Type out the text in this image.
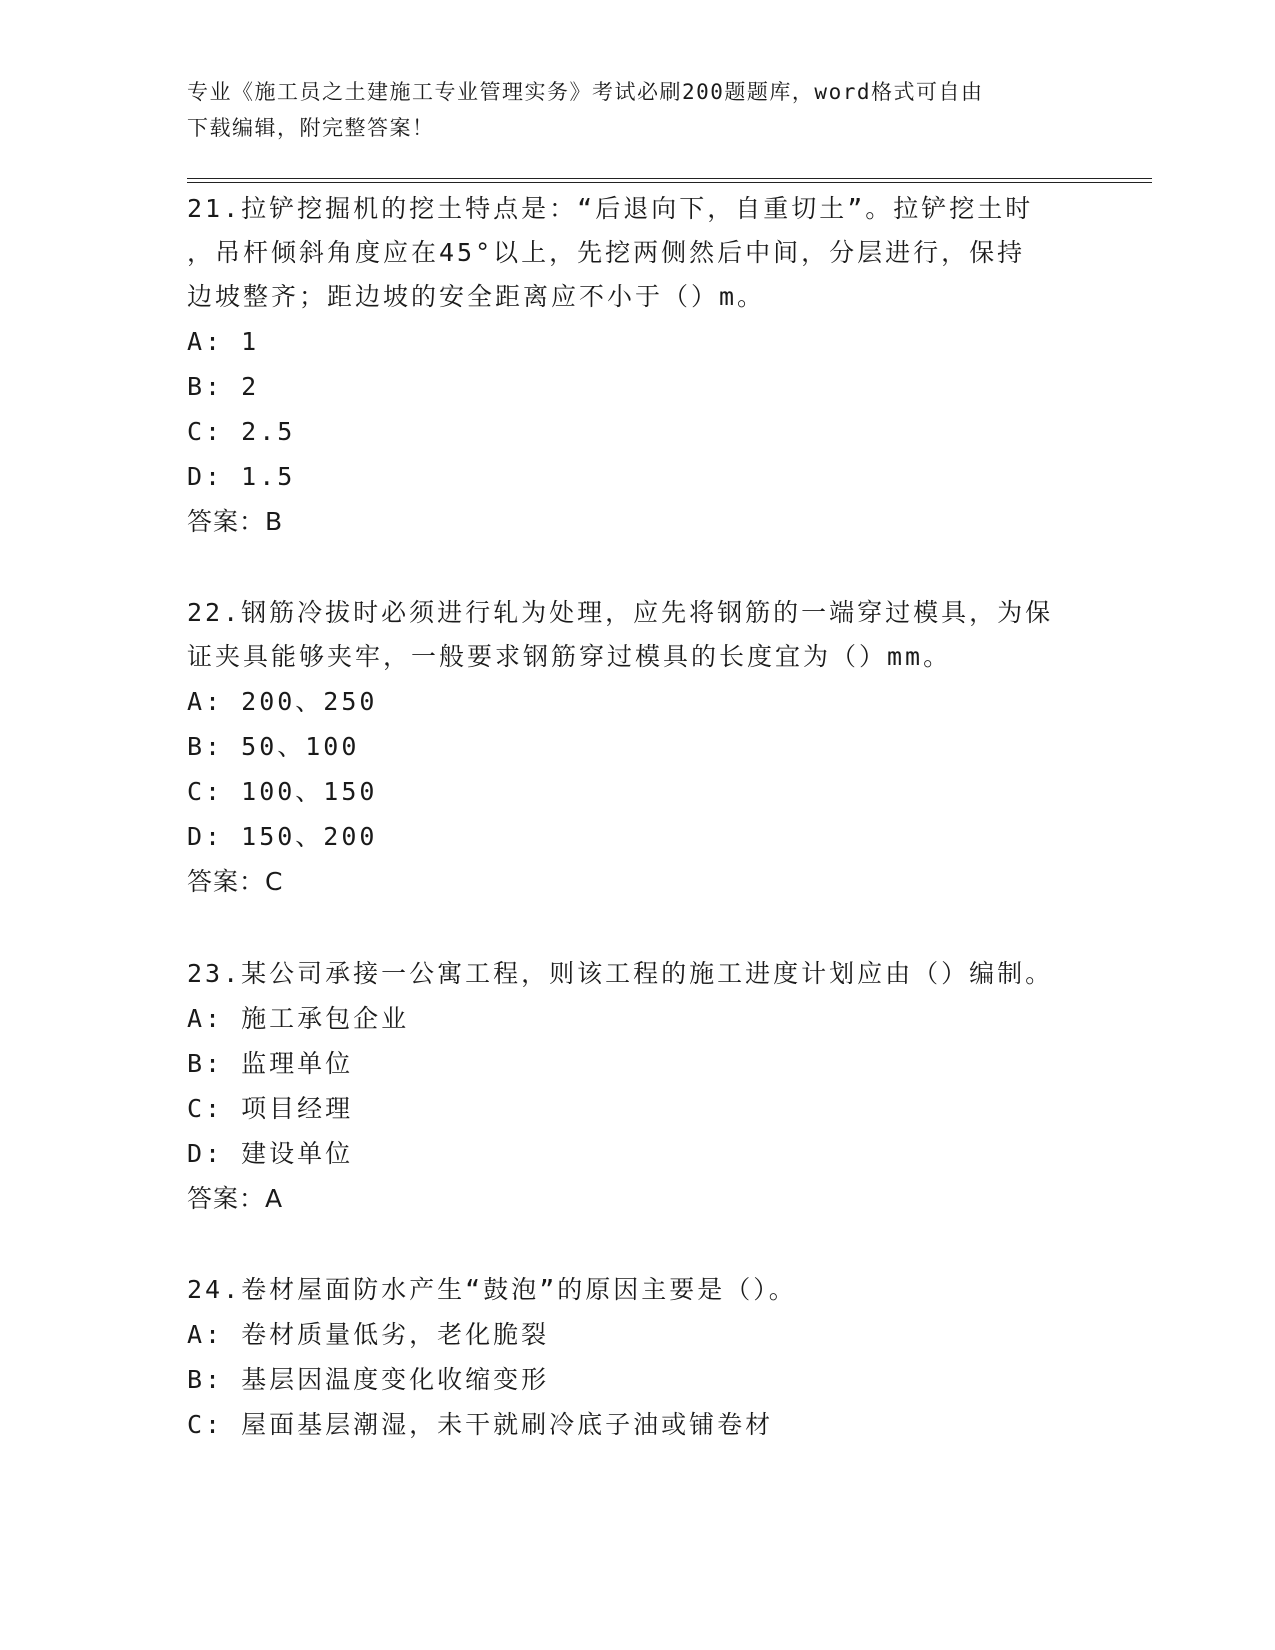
专业《施工员之土建施工专业管理实务》考试必刷200题题库，word格式可自由
下载编辑，附完整答案！
21.拉铲挖掘机的挖土特点是：“后退向下，自重切土”。拉铲挖土时
，吊杆倾斜角度应在45°以上，先挖两侧然后中间，分层进行，保持
边坡整齐；距边坡的安全距离应不小于（）m。
A: 1
B: 2
C: 2.5
D: 1.5
答案：B
22.钢筋冷拔时必须进行轧为处理，应先将钢筋的一端穿过模具，为保
证夹具能够夹牢，一般要求钢筋穿过模具的长度宜为（）mm。
A: 200、250
B: 50、100
C: 100、150
D: 150、200
答案：C
23.某公司承接一公寓工程，则该工程的施工进度计划应由（）编制。
A: 施工承包企业
B: 监理单位
C: 项目经理
D: 建设单位
答案：A
24.卷材屋面防水产生“鼓泡”的原因主要是（）。
A: 卷材质量低劣，老化脆裂
B: 基层因温度变化收缩变形
C: 屋面基层潮湿，未干就刷冷底子油或铺卷材
